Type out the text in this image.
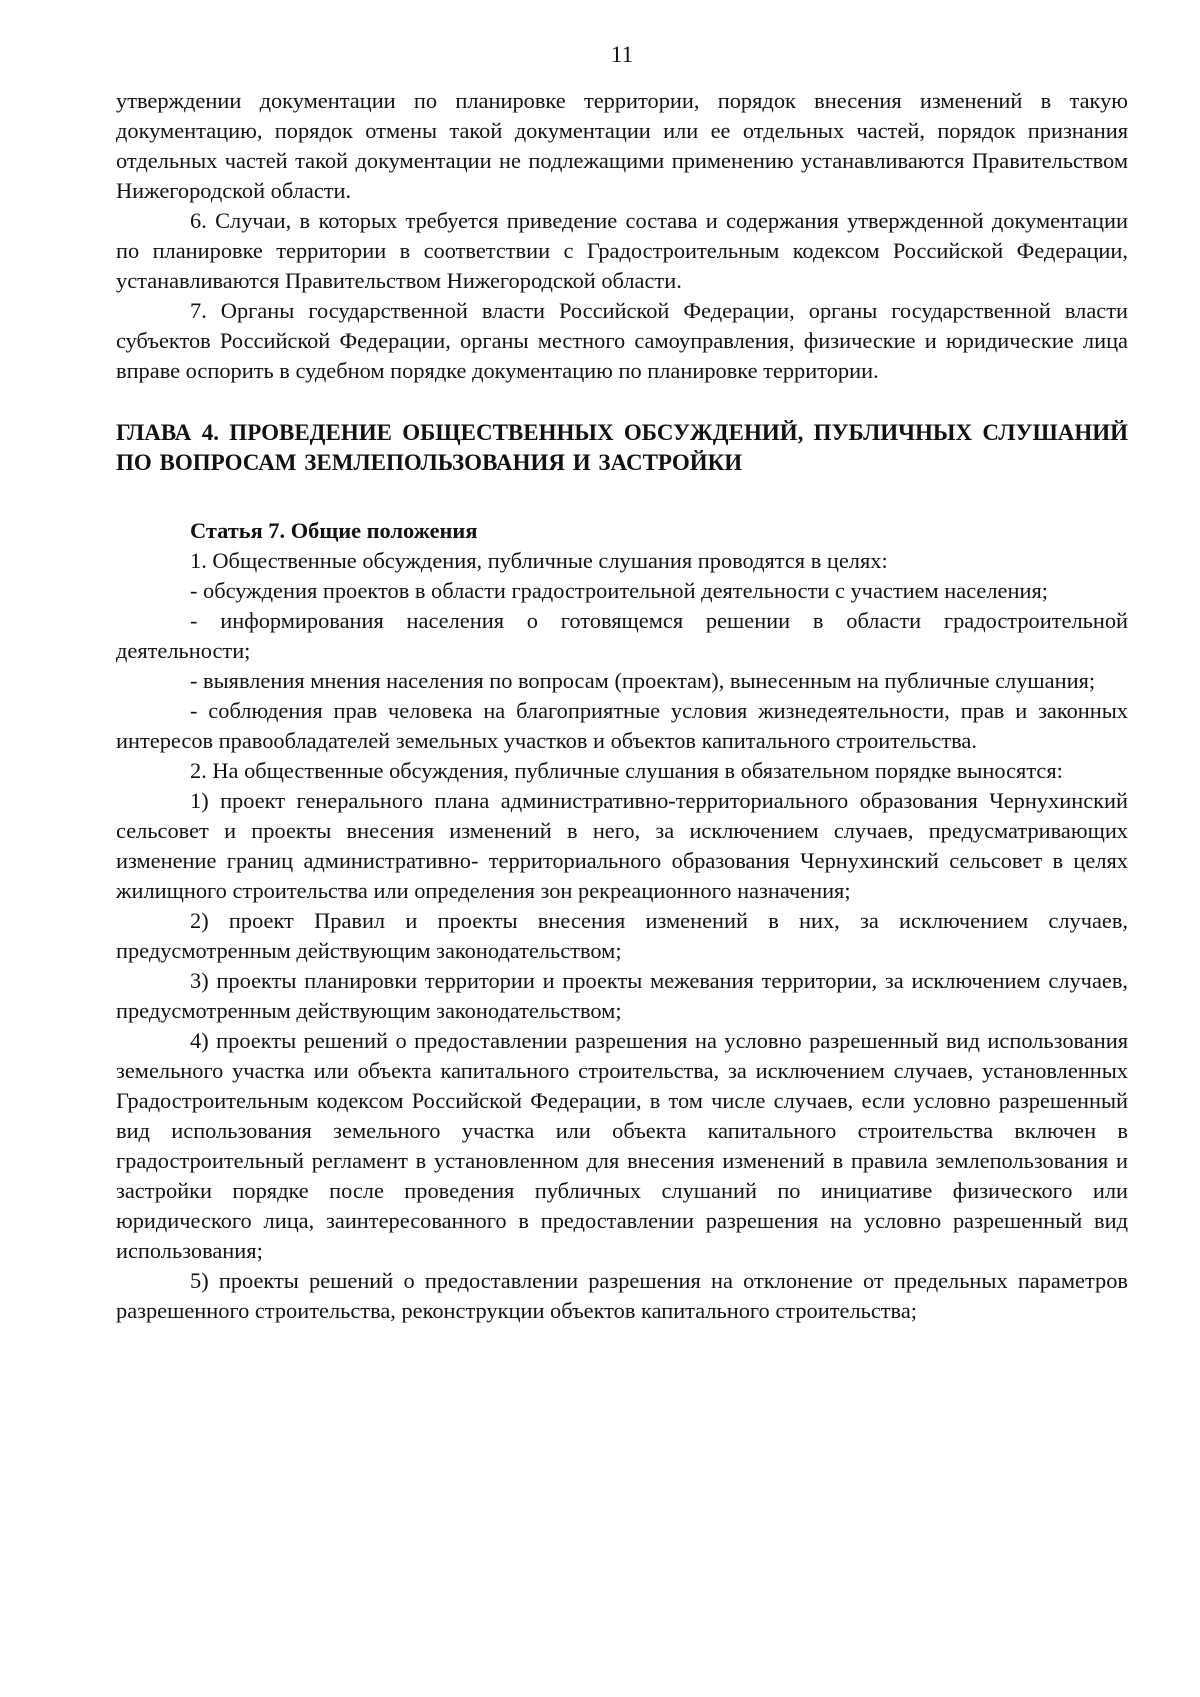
11

утверждении документации по планировке территории, порядок внесения изменений в такую документацию, порядок отмены такой документации или ее отдельных частей, порядок признания отдельных частей такой документации не подлежащими применению устанавливаются Правительством Нижегородской области.

6. Случаи, в которых требуется приведение состава и содержания утвержденной документации по планировке территории в соответствии с Градостроительным кодексом Российской Федерации, устанавливаются Правительством Нижегородской области.

7. Органы государственной власти Российской Федерации, органы государственной власти субъектов Российской Федерации, органы местного самоуправления, физические и юридические лица вправе оспорить в судебном порядке документацию по планировке территории.

ГЛАВА 4. ПРОВЕДЕНИЕ ОБЩЕСТВЕННЫХ ОБСУЖДЕНИЙ, ПУБЛИЧНЫХ СЛУШАНИЙ ПО ВОПРОСАМ ЗЕМЛЕПОЛЬЗОВАНИЯ И ЗАСТРОЙКИ
Статья 7. Общие положения

1. Общественные обсуждения, публичные слушания проводятся в целях:

- обсуждения проектов в области градостроительной деятельности с участием населения;

- информирования населения о готовящемся решении в области градостроительной деятельности;

- выявления мнения населения по вопросам (проектам), вынесенным на публичные слушания;

- соблюдения прав человека на благоприятные условия жизнедеятельности, прав и законных интересов правообладателей земельных участков и объектов капитального строительства.

2. На общественные обсуждения, публичные слушания в обязательном порядке выносятся:

1) проект генерального плана административно-территориального образования Чернухинский сельсовет и проекты внесения изменений в него, за исключением случаев, предусматривающих изменение границ административно- территориального образования Чернухинский сельсовет в целях жилищного строительства или определения зон рекреационного назначения;

2) проект Правил и проекты внесения изменений в них, за исключением случаев, предусмотренным действующим законодательством;

3) проекты планировки территории и проекты межевания территории, за исключением случаев, предусмотренным действующим законодательством;

4) проекты решений о предоставлении разрешения на условно разрешенный вид использования земельного участка или объекта капитального строительства, за исключением случаев, установленных Градостроительным кодексом Российской Федерации, в том числе случаев, если условно разрешенный вид использования земельного участка или объекта капитального строительства включен в градостроительный регламент в установленном для внесения изменений в правила землепользования и застройки порядке после проведения публичных слушаний по инициативе физического или юридического лица, заинтересованного в предоставлении разрешения на условно разрешенный вид использования;

5) проекты решений о предоставлении разрешения на отклонение от предельных параметров разрешенного строительства, реконструкции объектов капитального строительства;
